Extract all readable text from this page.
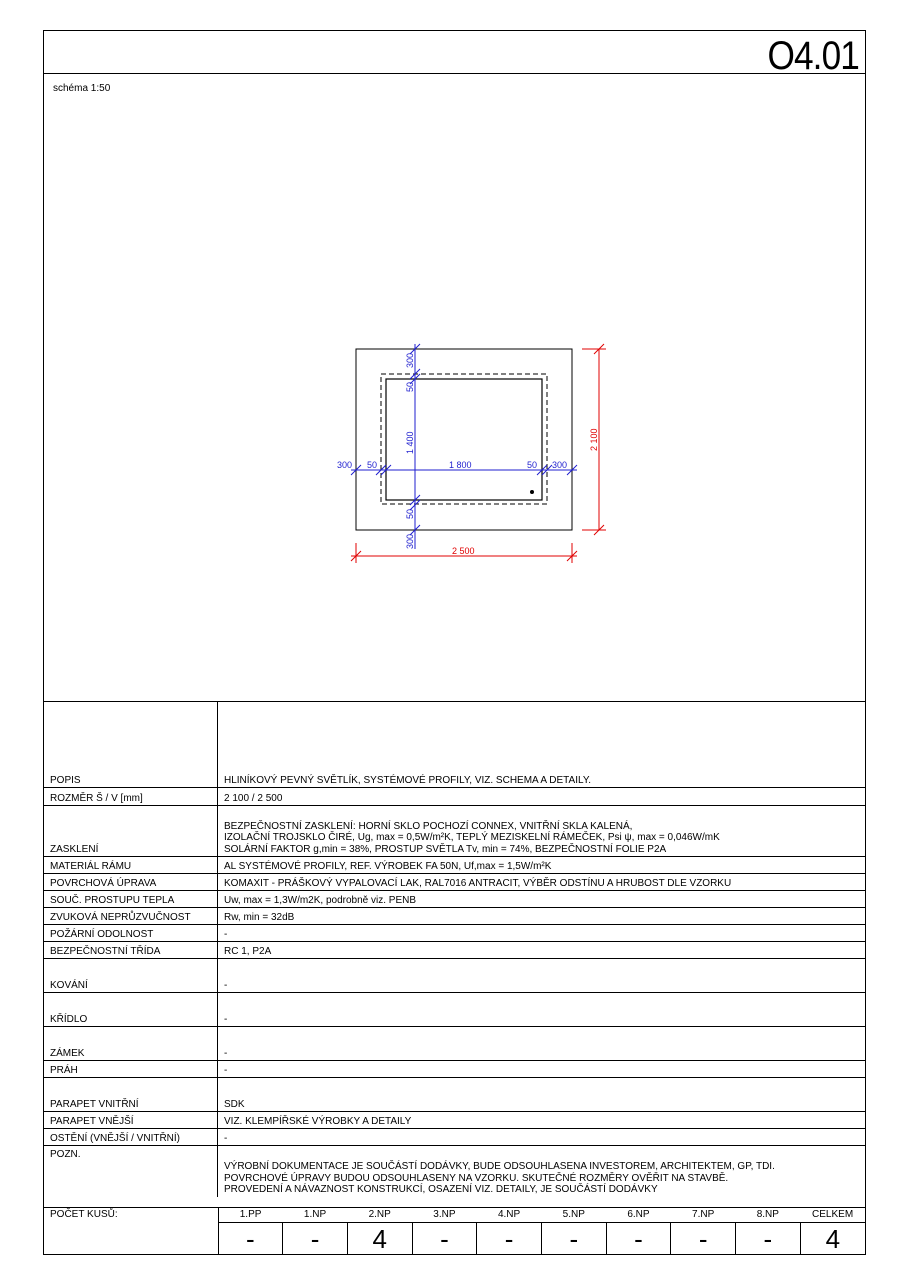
O4.01
schéma 1:50
300
50
1 400
50
300
300 50	1 800	50 300
2 100
2 500
POPIS	HLINÍKOVÝ PEVNÝ SVĚTLÍK, SYSTÉMOVÉ PROFILY, VIZ. SCHEMA A DETAILY.
ROZMĚR Š / V [mm]	2 100 / 2 500
ZASKLENÍ	BEZPEČNOSTNÍ ZASKLENÍ: HORNÍ SKLO POCHOZÍ CONNEX, VNITŘNÍ SKLA KALENÁ,
IZOLAČNÍ TROJSKLO ČIRÉ, Ug, max = 0,5W/m²K, TEPLÝ MEZISKELNÍ RÁMEČEK, Psi ψ, max = 0,046W/mK
SOLÁRNÍ FAKTOR g,min = 38%, PROSTUP SVĚTLA Tv, min = 74%, BEZPEČNOSTNÍ FOLIE P2A

MATERIÁL RÁMU	AL SYSTÉMOVÉ PROFILY, REF. VÝROBEK FA 50N, Uf,max = 1,5W/m²K
POVRCHOVÁ ÚPRAVA	KOMAXIT - PRÁŠKOVÝ VYPALOVACÍ LAK, RAL7016 ANTRACIT, VÝBĚR ODSTÍNU A HRUBOST DLE VZORKU
SOUČ. PROSTUPU TEPLA	Uw, max = 1,3W/m2K, podrobně viz. PENB
ZVUKOVÁ NEPRŮZVUČNOST	Rw, min = 32dB
POŽÁRNÍ ODOLNOST	-
BEZPEČNOSTNÍ TŘÍDA	RC 1, P2A
KOVÁNÍ	-
KŘÍDLO	-
ZÁMEK	-
PRÁH	-
PARAPET VNITŘNÍ	SDK
PARAPET VNĚJŠÍ	VIZ. KLEMPÍŘSKÉ VÝROBKY A DETAILY
OSTĚNÍ (VNĚJŠÍ / VNITŘNÍ)	-
POZN.	VÝROBNÍ DOKUMENTACE JE SOUČÁSTÍ DODÁVKY, BUDE ODSOUHLASENA INVESTOREM, ARCHITEKTEM, GP, TDI.
POVRCHOVÉ ÚPRAVY BUDOU ODSOUHLASENY NA VZORKU. SKUTEČNÉ ROZMĚRY OVĚŘIT NA STAVBĚ.
PROVEDENÍ A NÁVAZNOST KONSTRUKCÍ, OSAZENÍ VIZ. DETAILY, JE SOUČÁSTÍ DODÁVKY
POČET KUSŮ:	1.PP	1.NP	2.NP	3.NP	4.NP	5.NP	6.NP	7.NP	8.NP	CELKEM
	-	-	4	-	-	-	-	-	-	4
